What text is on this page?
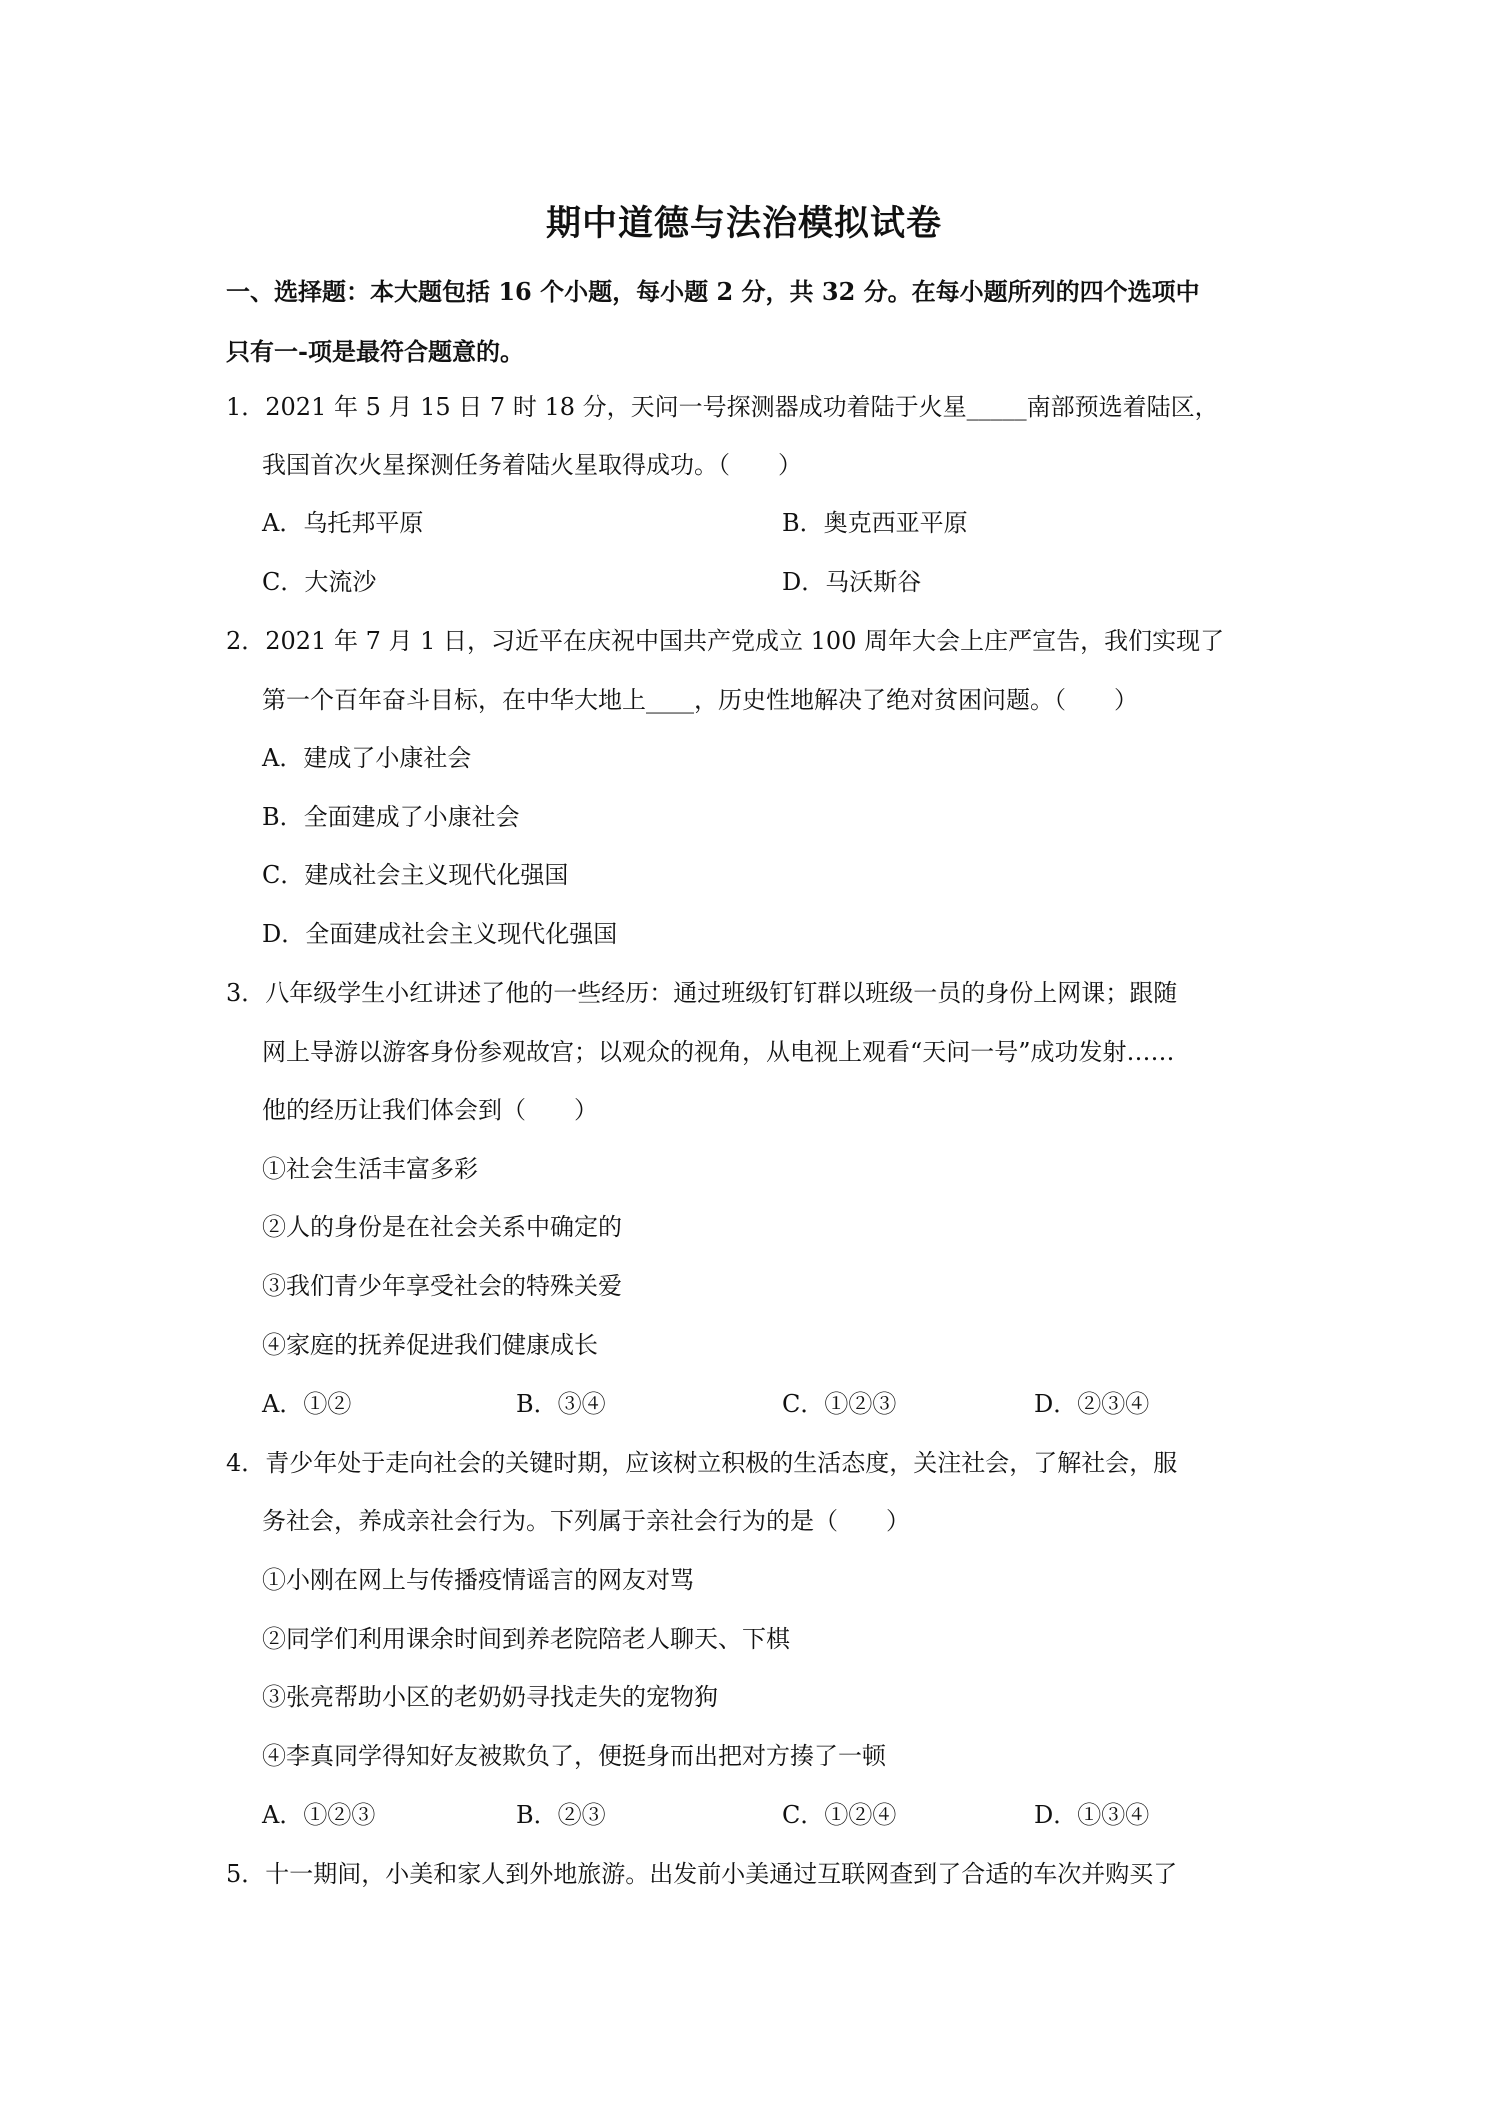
期中道德与法治模拟试卷
一、选择题：本大题包括 16 个小题，每小题 2 分，共 32 分。在每小题所列的四个选项中
只有一-项是最符合题意的。
1．2021 年 5 月 15 日 7 时 18 分，天问一号探测器成功着陆于火星_____南部预选着陆区，
我国首次火星探测任务着陆火星取得成功。（　　）
A．乌托邦平原	B．奥克西亚平原
C．大流沙	D．马沃斯谷
2．2021 年 7 月 1 日，习近平在庆祝中国共产党成立 100 周年大会上庄严宣告，我们实现了
第一个百年奋斗目标，在中华大地上____，历史性地解决了绝对贫困问题。（　　）
A．建成了小康社会
B．全面建成了小康社会
C．建成社会主义现代化强国
D．全面建成社会主义现代化强国
3．八年级学生小红讲述了他的一些经历：通过班级钉钉群以班级一员的身份上网课；跟随
网上导游以游客身份参观故宫；以观众的视角，从电视上观看“天问一号”成功发射……
他的经历让我们体会到（　　）
①社会生活丰富多彩
②人的身份是在社会关系中确定的
③我们青少年享受社会的特殊关爱
④家庭的抚养促进我们健康成长
A．①②	B．③④	C．①②③	D．②③④
4．青少年处于走向社会的关键时期，应该树立积极的生活态度，关注社会，了解社会，服
务社会，养成亲社会行为。下列属于亲社会行为的是（　　）
①小刚在网上与传播疫情谣言的网友对骂
②同学们利用课余时间到养老院陪老人聊天、下棋
③张亮帮助小区的老奶奶寻找走失的宠物狗
④李真同学得知好友被欺负了，便挺身而出把对方揍了一顿
A．①②③	B．②③	C．①②④	D．①③④
5．十一期间，小美和家人到外地旅游。出发前小美通过互联网查到了合适的车次并购买了
